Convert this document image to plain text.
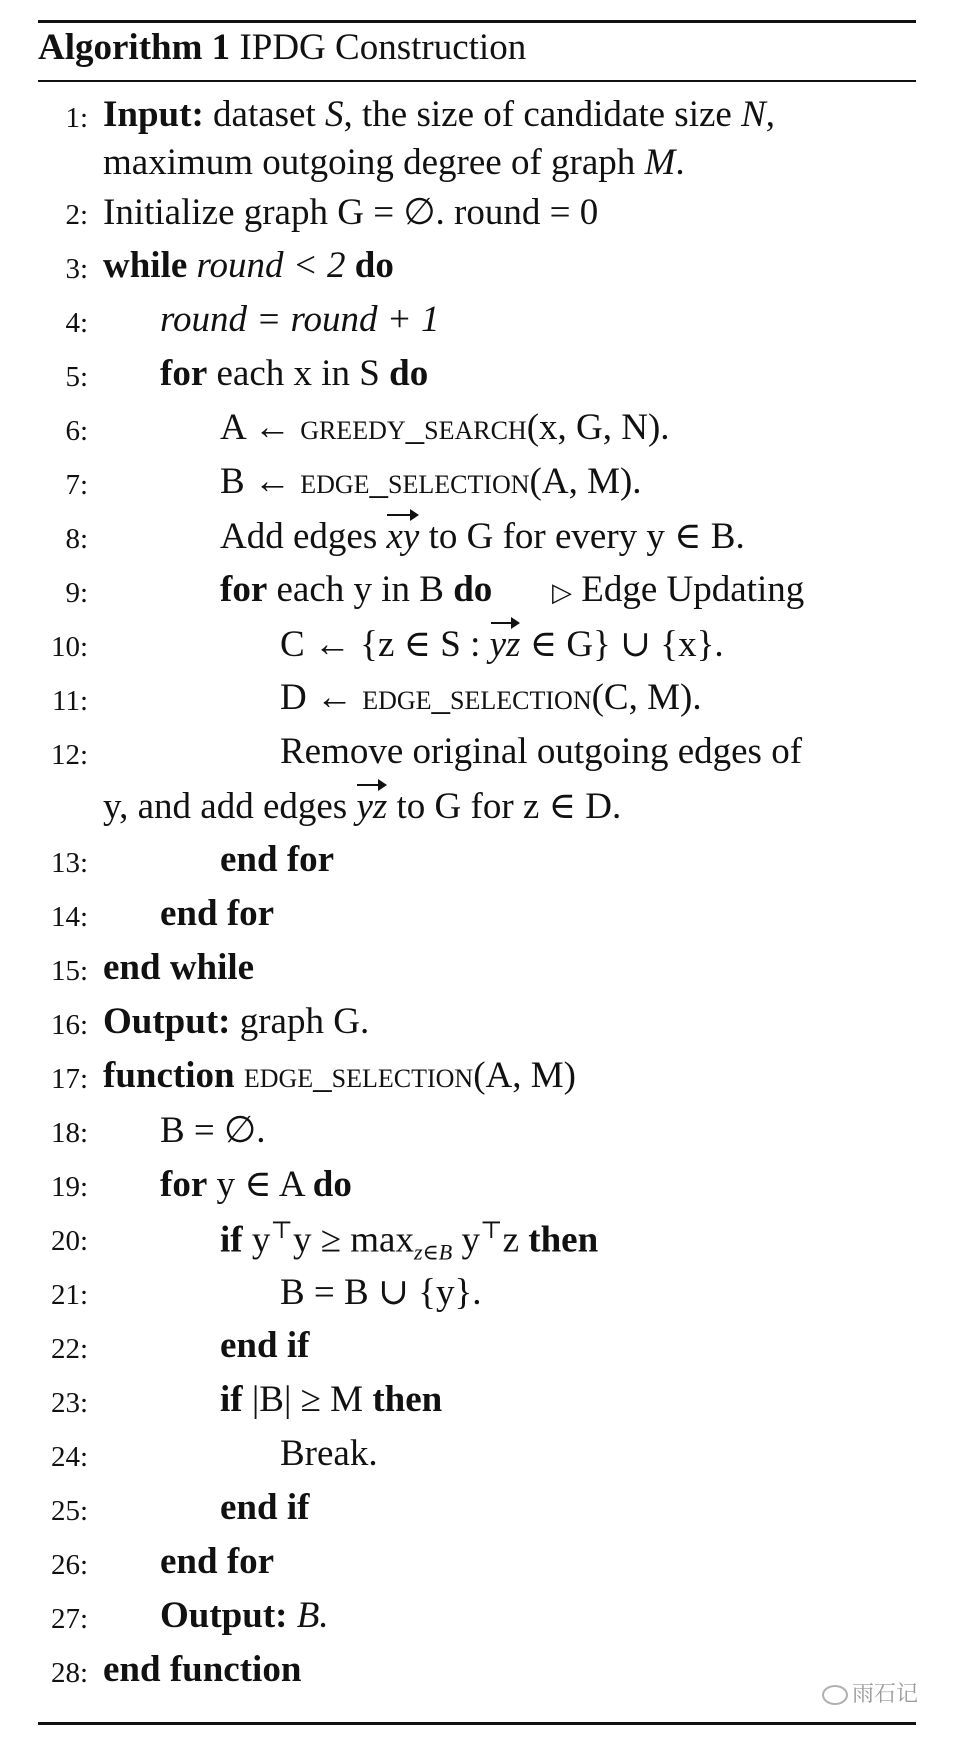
Algorithm 1 IPDG Construction
1:
2:
3:
4:
5:
6:
7:
8:
9:
10:
11:
12:
13:
14:
15:
16:
17:
18:
19:
20:
21:
22:
23:
24:
25:
26:
27:
28:
Input: dataset S, the size of candidate size N,
maximum outgoing degree of graph M.
Initialize graph G = ∅. round = 0
while round < 2 do
round = round + 1
for each x in S do
A ← greedy_search(x, G, N).
B ← edge_selection(A, M).
Add edges xy to G for every y ∈ B.
for each y in B do ▷ Edge Updating
C ← {z ∈ S : yz ∈ G} ∪ {x}.
D ← edge_selection(C, M).
Remove original outgoing edges of
y, and add edges yz to G for z ∈ D.
end for
end for
end while
Output: graph G.
function edge_selection(A, M)
B = ∅.
for y ∈ A do
if $y^⊤y \ge \max_{z\in B} y^⊤z$ then
B = B ∪ {y}.
end if
if |B| ≥ M then
Break.
end if
end for
Output: B.
end function
雨石记
